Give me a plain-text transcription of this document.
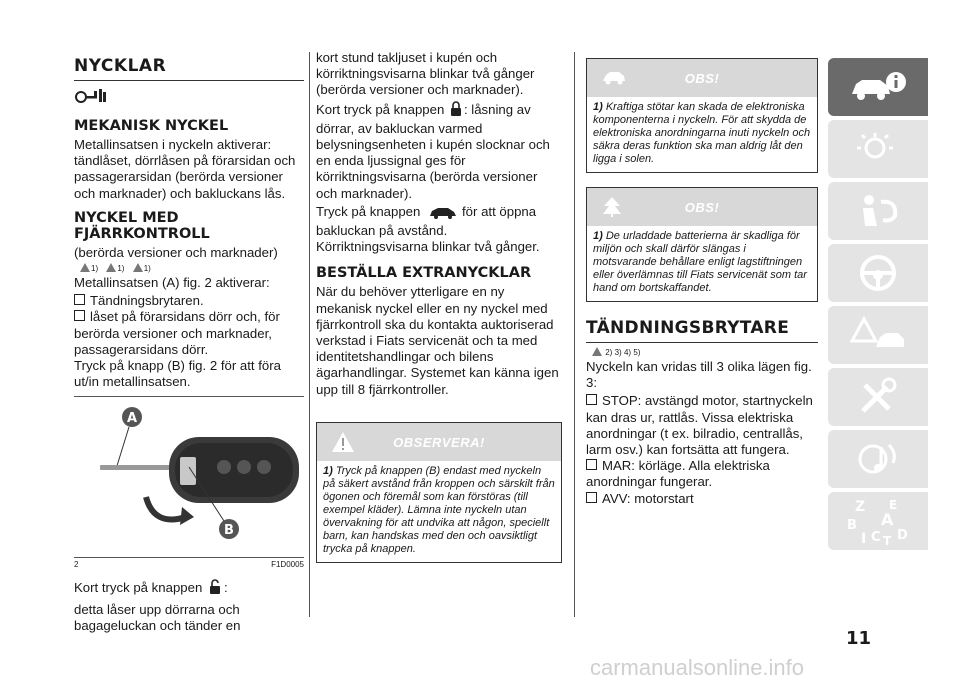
NYCKLAR
MEKANISK NYCKEL

Metallinsatsen i nyckeln aktiverar: tändlåset, dörrlåsen på förarsidan och passagerarsidan (berörda versioner och marknader) och bakluckans lås.

NYCKEL MED FJÄRRKONTROLL

(berörda versioner och marknader)

1) 1) 1)

Metallinsatsen (A) fig. 2 aktiverar:

Tändningsbrytaren.
låset på förarsidans dörr och, för berörda versioner och marknader, passagerarsidans dörr.

Tryck på knapp (B) fig. 2 för att föra ut/in metallinsatsen.

A
B
2	F1D0005

Kort tryck på knappen :

detta låser upp dörrarna och bagageluckan och tänder en

kort stund takljuset i kupén och körriktningsvisarna blinkar två gånger (berörda versioner och marknader).

Kort tryck på knappen : låsning av dörrar, av bakluckan varmed belysningsenheten i kupén slocknar och en enda ljussignal ges för körriktningsvisarna (berörda versioner och marknader).

Tryck på knappen	för att öppna bakluckan på avstånd. Körriktningsvisarna blinkar två gånger.

BESTÄLLA EXTRANYCKLAR

När du behöver ytterligare en ny mekanisk nyckel eller en ny nyckel med fjärrkontroll ska du kontakta auktoriserad verkstad i Fiats servicenät och ta med identitetshandlingar och bilens ägarhandlingar. Systemet kan känna igen upp till 8 fjärrkontroller.

OBSERVERA!
1) Tryck på knappen (B) endast med nyckeln på säkert avstånd från kroppen och särskilt från ögonen och föremål som kan förstöras (till exempel kläder). Lämna inte nyckeln utan övervakning för att undvika att någon, speciellt barn, kan handskas med den och oavsiktligt trycka på knappen.
OBS!
1) Kraftiga stötar kan skada de elektroniska komponenterna i nyckeln. För att skydda de elektroniska anordningarna inuti nyckeln och säkra deras funktion ska man aldrig låt den ligga i solen.
OBS!
1) De urladdade batterierna är skadliga för miljön och skall därför slängas i motsvarande behållare enligt lagstiftningen eller överlämnas till Fiats servicenät som tar hand om bortskaffandet.
TÄNDNINGSBRYTARE
2) 3) 4) 5)

Nyckeln kan vridas till 3 olika lägen fig. 3:

STOP: avstängd motor, startnyckeln kan dras ur, rattlås. Vissa elektriska anordningar (t ex. bilradio, centrallås, larm osv.) kan fortsätta att fungera.
MAR: körläge. Alla elektriska anordningar fungerar.
AVV: motorstart
Z E
B A
I C T D
11
carmanualsonline.info
